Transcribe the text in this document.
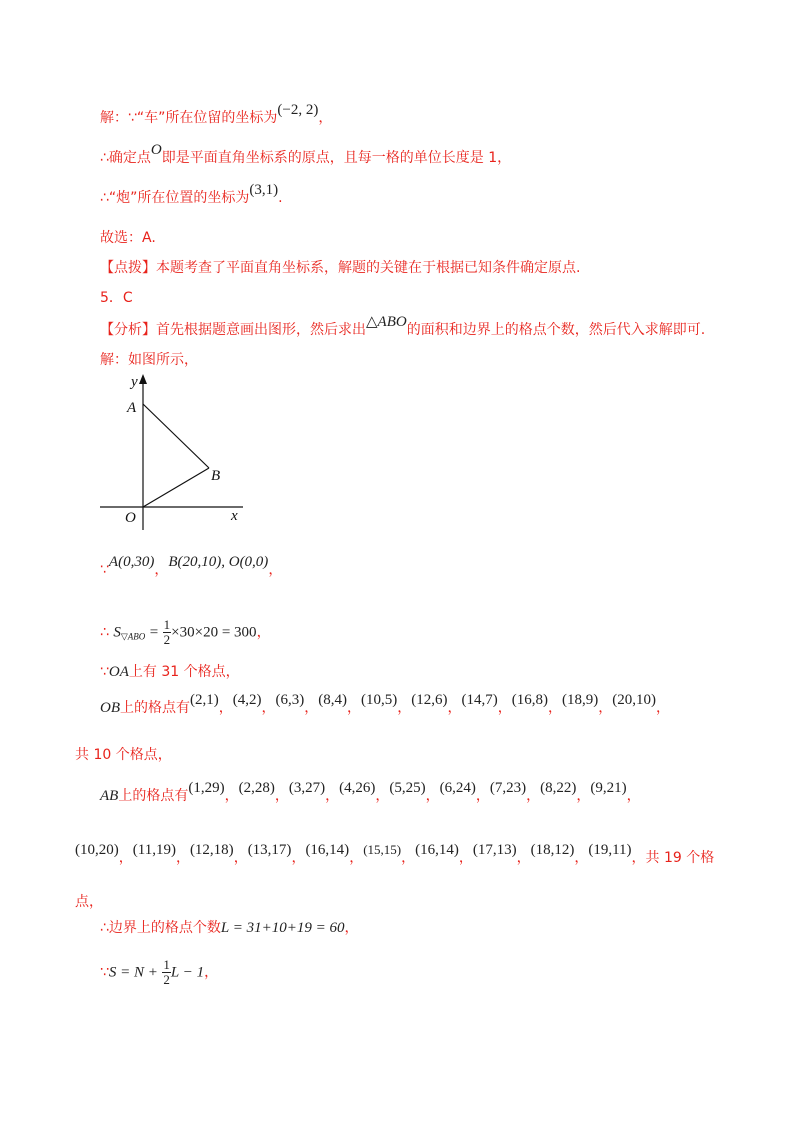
解：∵“车”所在位留的坐标为(−2, 2)，
∴确定点O即是平面直角坐标系的原点，且每一格的单位长度是 1，
∴“炮”所在位置的坐标为(3,1).
故选：A.
【点拨】本题考查了平面直角坐标系，解题的关键在于根据已知条件确定原点.
5．C
【分析】首先根据题意画出图形，然后求出△ABO的面积和边界上的格点个数，然后代入求解即可.
解：如图所示，
y
A
B
O	x
∵A(0,30)，B(20,10), O(0,0)，
∴ $S_{▽ABO} = \frac{1}{2} \times 30\times 20 = 300$，
∵OA上有 31 个格点，
OB上的格点有(2,1)，(4,2)，(6,3)，(8,4)，(10,5)，(12,6)，(14,7)，(16,8)，(18,9)，(20,10)，
共 10 个格点，
AB上的格点有(1,29)，(2,28)，(3,27)，(4,26)，(5,25)，(6,24)，(7,23)，(8,22)，(9,21)，
(10,20)，(11,19)，(12,18)，(13,17)，(16,14)，(15,15)，(16,14)，(17,13)，(18,12)，(19,11)，共 19 个格
点，
∴边界上的格点个数L = 31+10+19 = 60，
∵S = $N + \frac{1}{2}$ L − 1，
